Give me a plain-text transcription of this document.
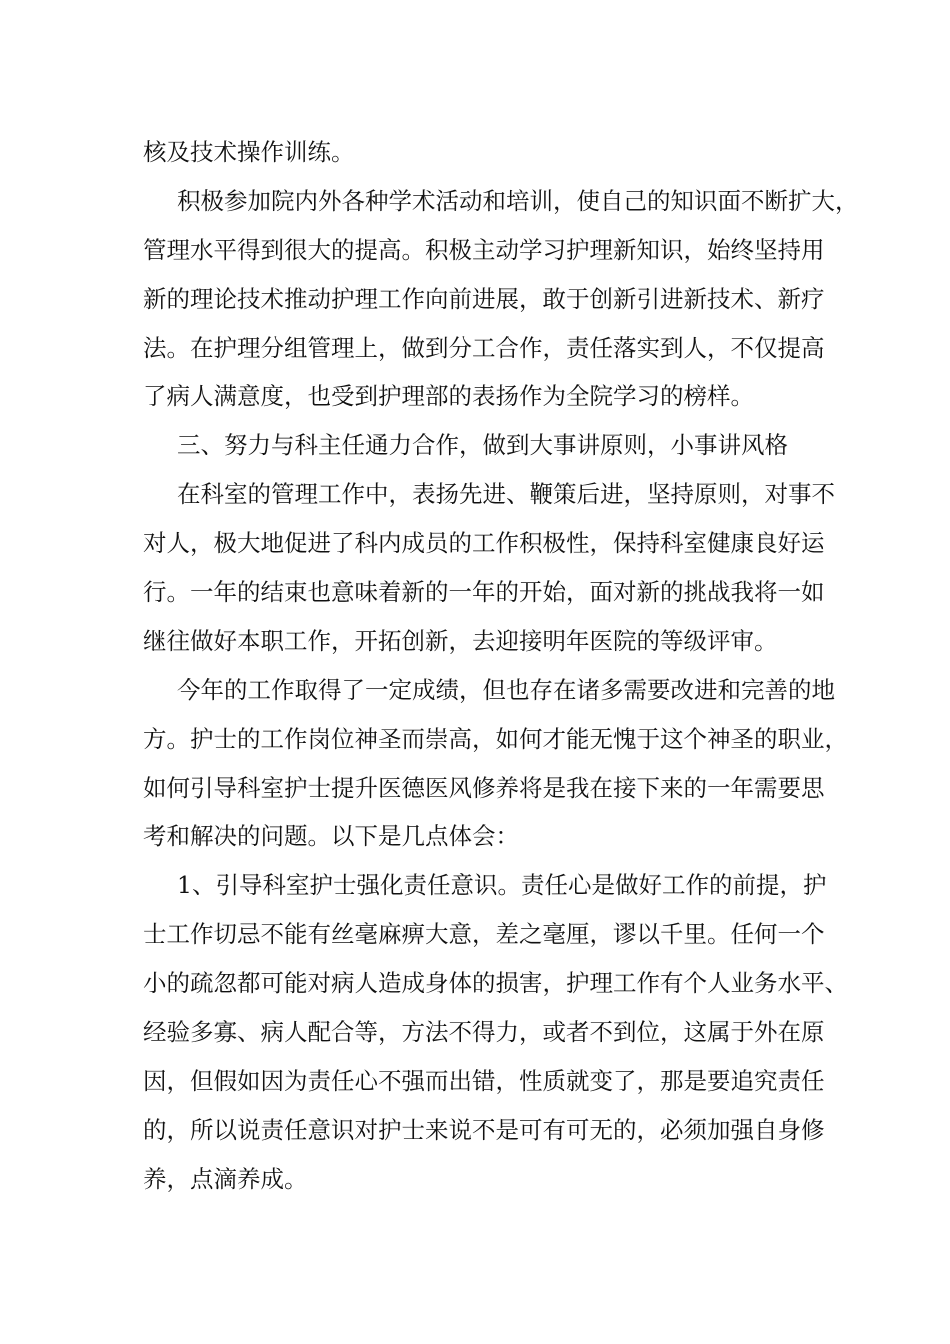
核及技术操作训练。

积极参加院内外各种学术活动和培训，使自己的知识面不断扩大，
管理水平得到很大的提高。积极主动学习护理新知识，始终坚持用
新的理论技术推动护理工作向前进展，敢于创新引进新技术、新疗
法。在护理分组管理上，做到分工合作，责任落实到人，不仅提高
了病人满意度，也受到护理部的表扬作为全院学习的榜样。

三、努力与科主任通力合作，做到大事讲原则，小事讲风格

在科室的管理工作中，表扬先进、鞭策后进，坚持原则，对事不
对人，极大地促进了科内成员的工作积极性，保持科室健康良好运
行。一年的结束也意味着新的一年的开始，面对新的挑战我将一如
继往做好本职工作，开拓创新，去迎接明年医院的等级评审。

今年的工作取得了一定成绩，但也存在诸多需要改进和完善的地
方。护士的工作岗位神圣而崇高，如何才能无愧于这个神圣的职业，
如何引导科室护士提升医德医风修养将是我在接下来的一年需要思
考和解决的问题。以下是几点体会：

1、引导科室护士强化责任意识。责任心是做好工作的前提，护
士工作切忌不能有丝毫麻痹大意，差之毫厘，谬以千里。任何一个
小的疏忽都可能对病人造成身体的损害，护理工作有个人业务水平、
经验多寡、病人配合等，方法不得力，或者不到位，这属于外在原
因，但假如因为责任心不强而出错，性质就变了，那是要追究责任
的，所以说责任意识对护士来说不是可有可无的，必须加强自身修
养，点滴养成。
